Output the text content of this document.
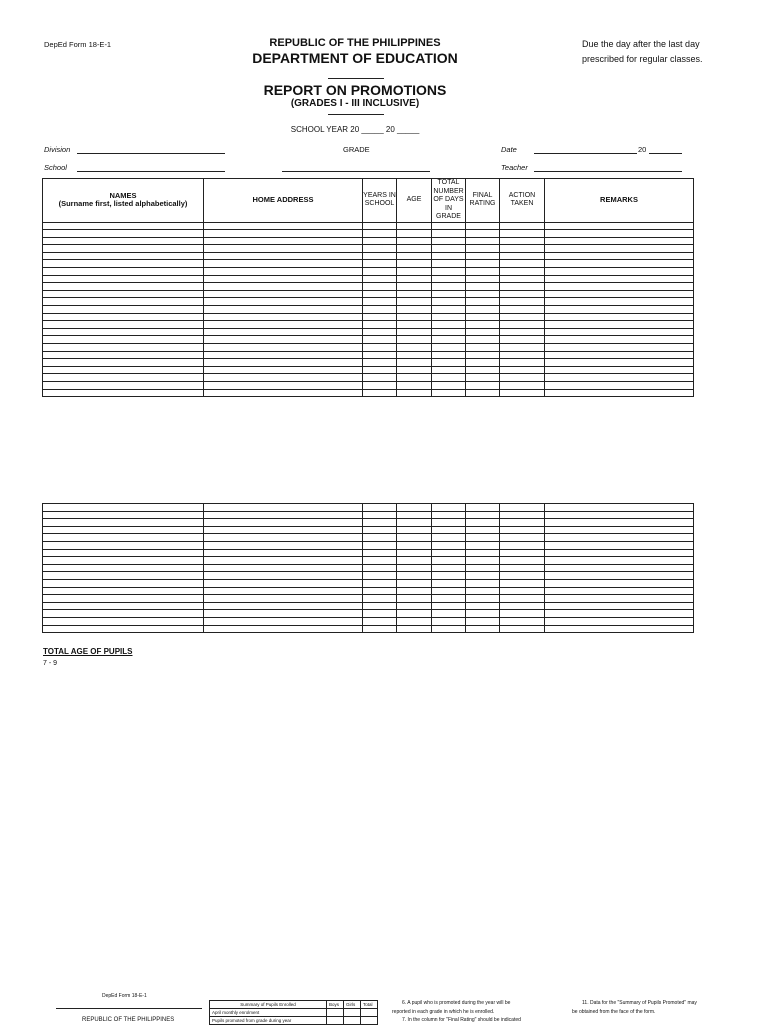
DepEd Form 18-E-1	REPUBLIC OF THE PHILIPPINES
DEPARTMENT OF EDUCATION
REPORT ON PROMOTIONS
(GRADES I - III INCLUSIVE)
Due the day after the last day prescribed for regular classes.
SCHOOL YEAR 20 _____ 20 _____
Division	GRADE	Date	20
School	Teacher
NAMES
(Surname first, listed alphabetically)	HOME ADDRESS	YEARS IN SCHOOL	AGE	TOTAL NUMBER OF DAYS IN GRADE	FINAL RATING	ACTION TAKEN	REMARKS

TOTAL AGE OF PUPILS
7 - 9
DepEd Form 18-E-1
REPUBLIC OF THE PHILIPPINES
Summary of Pupils Enrolled	Boys	Girls	Total
April monthly enrolment			
Pupils promoted from grade during year			
6. A pupil who is promoted during the year will be
reported in each grade in which he is enrolled.
7. In the column for "Final Rating" should be indicated
11. Data for the "Summary of Pupils Promoted" may
be obtained from the face of the form.
